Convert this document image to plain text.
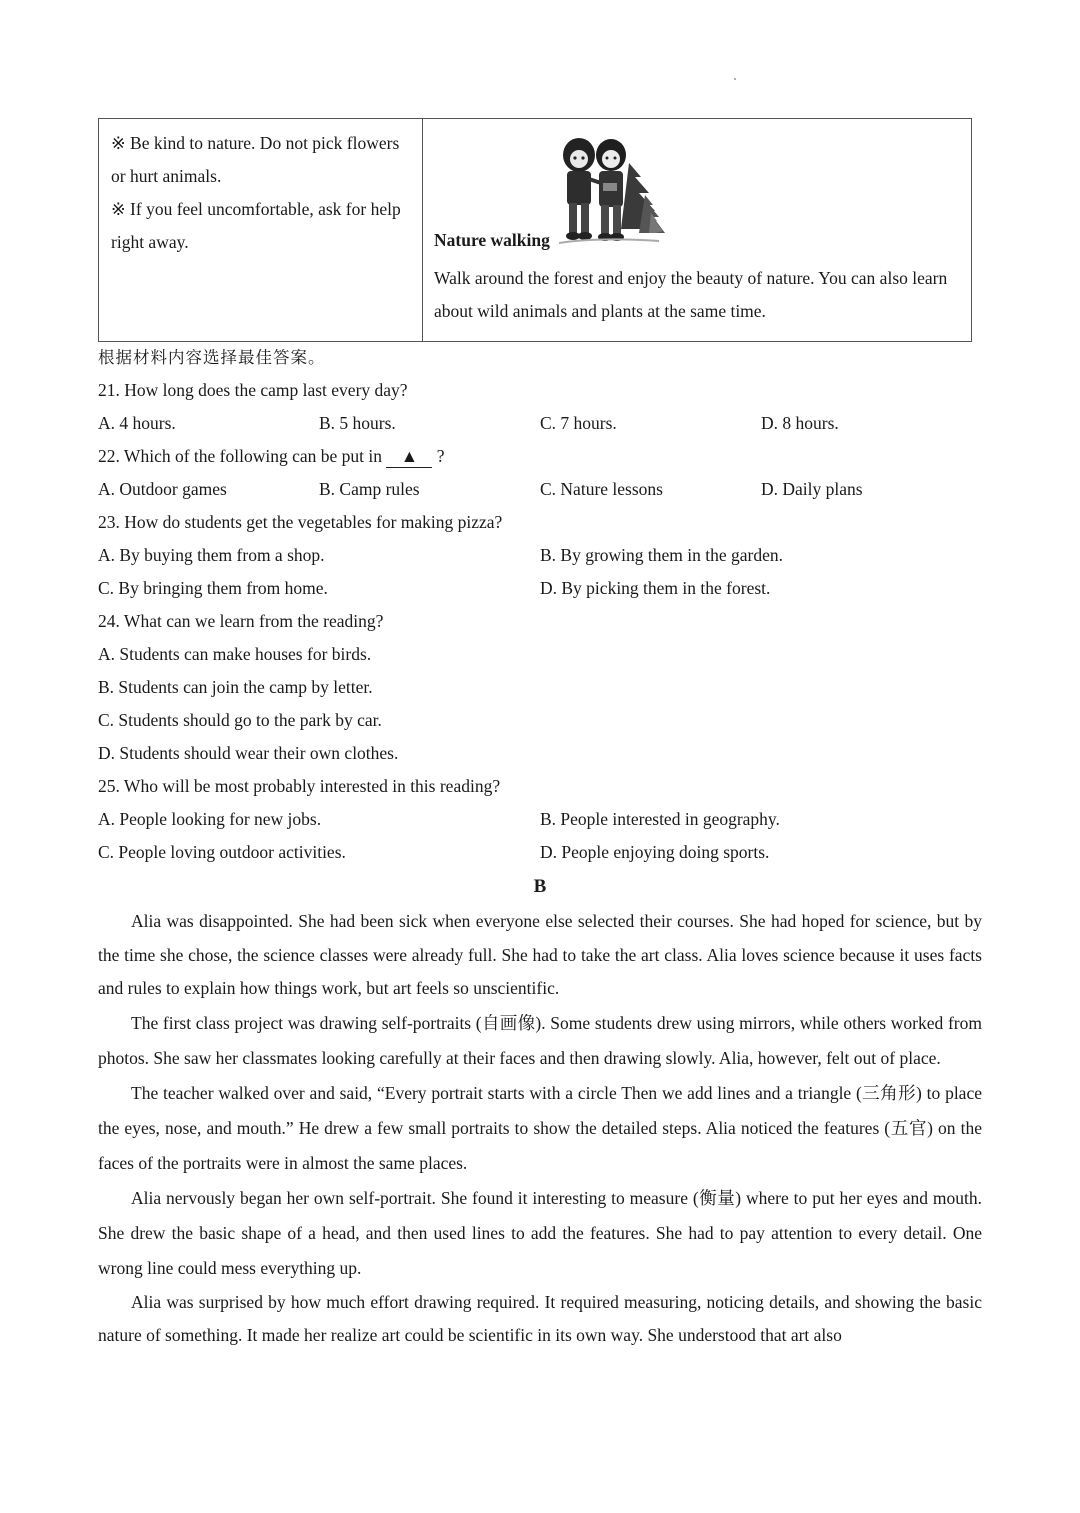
※ Be kind to nature. Do not pick flowers or hurt animals.
※ If you feel uncomfortable, ask for help right away.	Nature walking
Walk around the forest and enjoy the beauty of nature. You can also learn about wild animals and plants at the same time.
根据材料内容选择最佳答案。
21. How long does the camp last every day?
A. 4 hours.	B. 5 hours.	C. 7 hours.	D. 8 hours.
22. Which of the following can be put in ▲ ?
A. Outdoor games	B. Camp rules	C. Nature lessons	D. Daily plans
23. How do students get the vegetables for making pizza?
A. By buying them from a shop.	B. By growing them in the garden.
C. By bringing them from home.	D. By picking them in the forest.
24. What can we learn from the reading?
A. Students can make houses for birds.
B. Students can join the camp by letter.
C. Students should go to the park by car.
D. Students should wear their own clothes.
25. Who will be most probably interested in this reading?
A. People looking for new jobs.	B. People interested in geography.
C. People loving outdoor activities.	D. People enjoying doing sports.
B

Alia was disappointed. She had been sick when everyone else selected their courses. She had hoped for science, but by the time she chose, the science classes were already full. She had to take the art class. Alia loves science because it uses facts and rules to explain how things work, but art feels so unscientific.

The first class project was drawing self-portraits (自画像). Some students drew using mirrors, while others worked from photos. She saw her classmates looking carefully at their faces and then drawing slowly. Alia, however, felt out of place.

The teacher walked over and said, “Every portrait starts with a circle Then we add lines and a triangle (三角形) to place the eyes, nose, and mouth.” He drew a few small portraits to show the detailed steps. Alia noticed the features (五官) on the faces of the portraits were in almost the same places.

Alia nervously began her own self-portrait. She found it interesting to measure (衡量) where to put her eyes and mouth. She drew the basic shape of a head, and then used lines to add the features. She had to pay attention to every detail. One wrong line could mess everything up.

Alia was surprised by how much effort drawing required. It required measuring, noticing details, and showing the basic nature of something. It made her realize art could be scientific in its own way. She understood that art also
